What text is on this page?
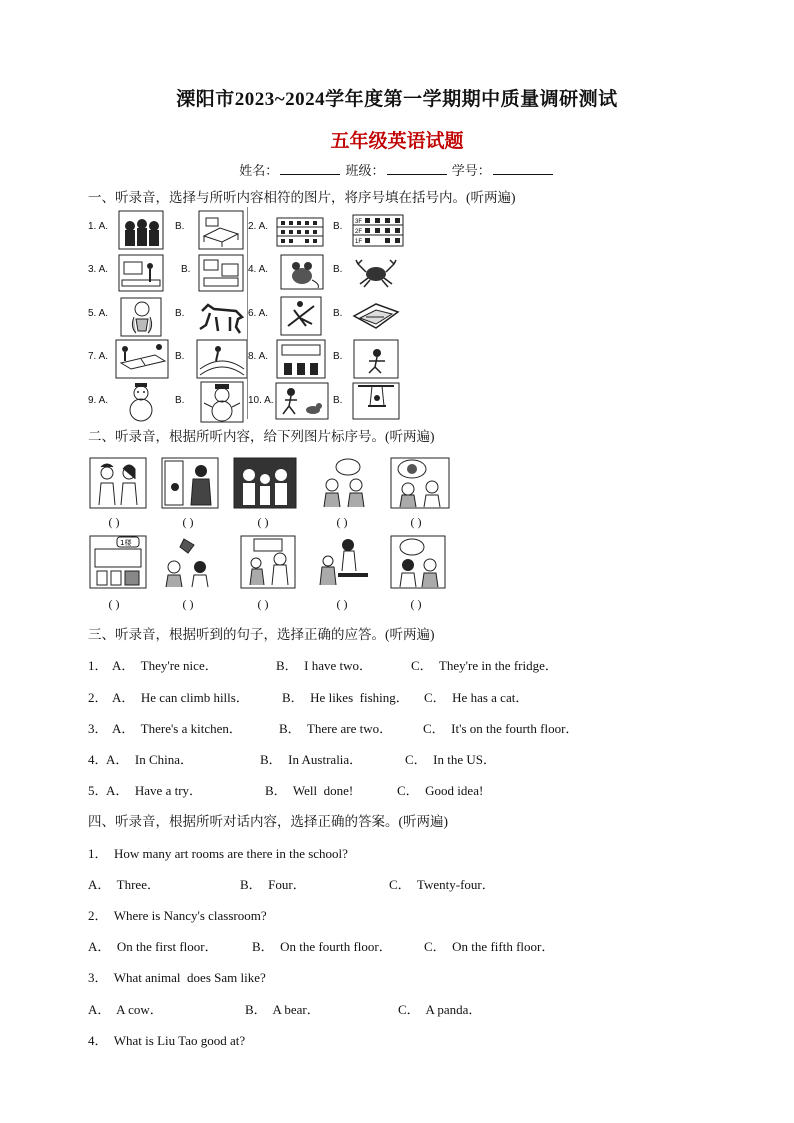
溧阳市2023~2024学年度第一学期期中质量调研测试
五年级英语试题
姓名：	班级：	学号：
一、听录音，选择与所听内容相符的图片，将序号填在括号内。(听两遍)
1. A.	B.	2. A.	B. 3F
2F
1F
3. A.	B.	4. A.	B.
5. A.	B.	6. A.	B.
7. A.	B.	8. A.	B.
9. A.	B.	10. A.	B.
二、听录音，根据所听内容，给下列图片标序号。(听两遍)
( )	( )	( )	( )	( )
1楼
( )	( )	( )	( )	( )
三、听录音，根据听到的句子，选择正确的应答。(听两遍)
1． A．  They're nice．	B．  I have two．	C．  They're in the fridge．
2． A．  He can climb hills．	B．  He likes  fishing． C．  He has a cat．
3． A．  There's a kitchen．	B．  There are two． C．  It's on the fourth floor．
4．
A．  In China．	B．  In Australia．	C．  In the US．
5．
A．  Have a try．	B．  Well  done!	C．  Good idea!
四、听录音，根据所听对话内容，选择正确的答案。(听两遍)
1．  How many art rooms are there in the school?
A．  Three．	B．  Four．	C．  Twenty-four．
2．  Where is Nancy's classroom?
A．  On the first floor．	B．  On the fourth floor． C．  On the fifth floor．
3．  What animal  does Sam like?
A．  A cow．	B．  A bear．	C．  A panda．
4．  What is Liu Tao good at?
